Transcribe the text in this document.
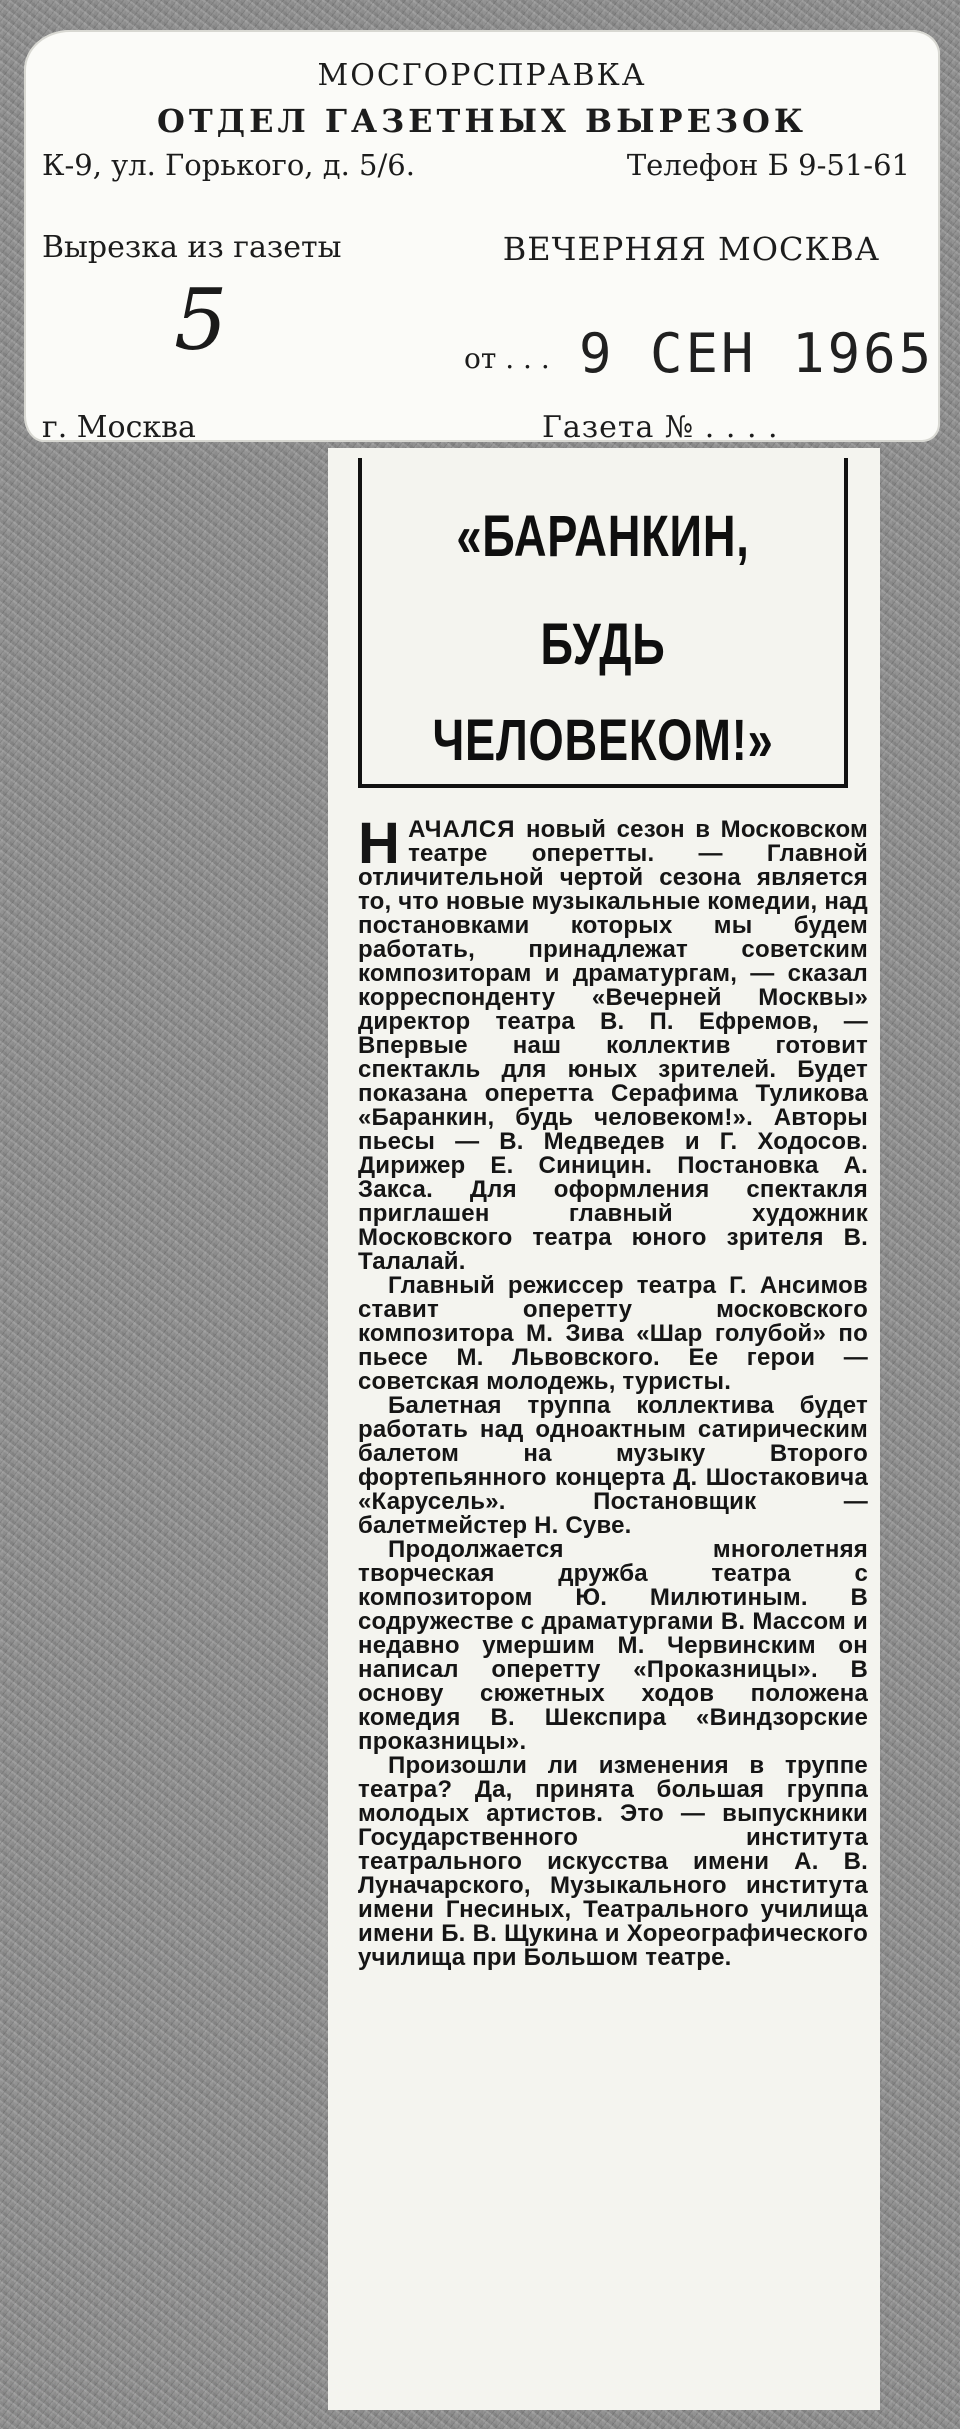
МОСГОРСПРАВКА
ОТДЕЛ ГАЗЕТНЫХ ВЫРЕЗОК
К-9, ул. Горького, д. 5/6.	Телефон Б 9-51-61
Вырезка из газеты	ВЕЧЕРНЯЯ МОСКВА
5	от . . . 9 СЕН 1965
г. Москва	Газета № . . . .
«БАРАНКИН,
БУДЬ
ЧЕЛОВЕКОМ!»

НАЧАЛСЯ новый сезон в Московском театре оперетты. — Главной отличительной чертой сезона является то, что новые музыкальные комедии, над постановками которых мы будем работать, принадлежат советским композиторам и драматургам, — сказал корреспонденту «Вечерней Москвы» директор театра В. П. Ефремов, — Впервые наш коллектив готовит спектакль для юных зрителей. Будет показана оперетта Серафима Туликова «Баранкин, будь человеком!». Авторы пьесы — В. Медведев и Г. Ходосов. Дирижер Е. Синицин. Постановка А. Закса. Для оформления спектакля приглашен главный художник Московского театра юного зрителя В. Талалай.

Главный режиссер театра Г. Ансимов ставит оперетту московского композитора М. Зива «Шар голубой» по пьесе М. Львовского. Ее герои — советская молодежь, туристы.

Балетная труппа коллектива будет работать над одноактным сатирическим балетом на музыку Второго фортепьянного концерта Д. Шостаковича «Карусель». Постановщик — балетмейстер Н. Суве.

Продолжается многолетняя творческая дружба театра с композитором Ю. Милютиным. В содружестве с драматургами В. Массом и недавно умершим М. Червинским он написал оперетту «Проказницы». В основу сюжетных ходов положена комедия В. Шекспира «Виндзорские проказницы».

Произошли ли изменения в труппе театра? Да, принята большая группа молодых артистов. Это — выпускники Государственного института театрального искусства имени А. В. Луначарского, Музыкального института имени Гнесиных, Театрального училища имени Б. В. Щукина и Хореографического училища при Большом театре.
